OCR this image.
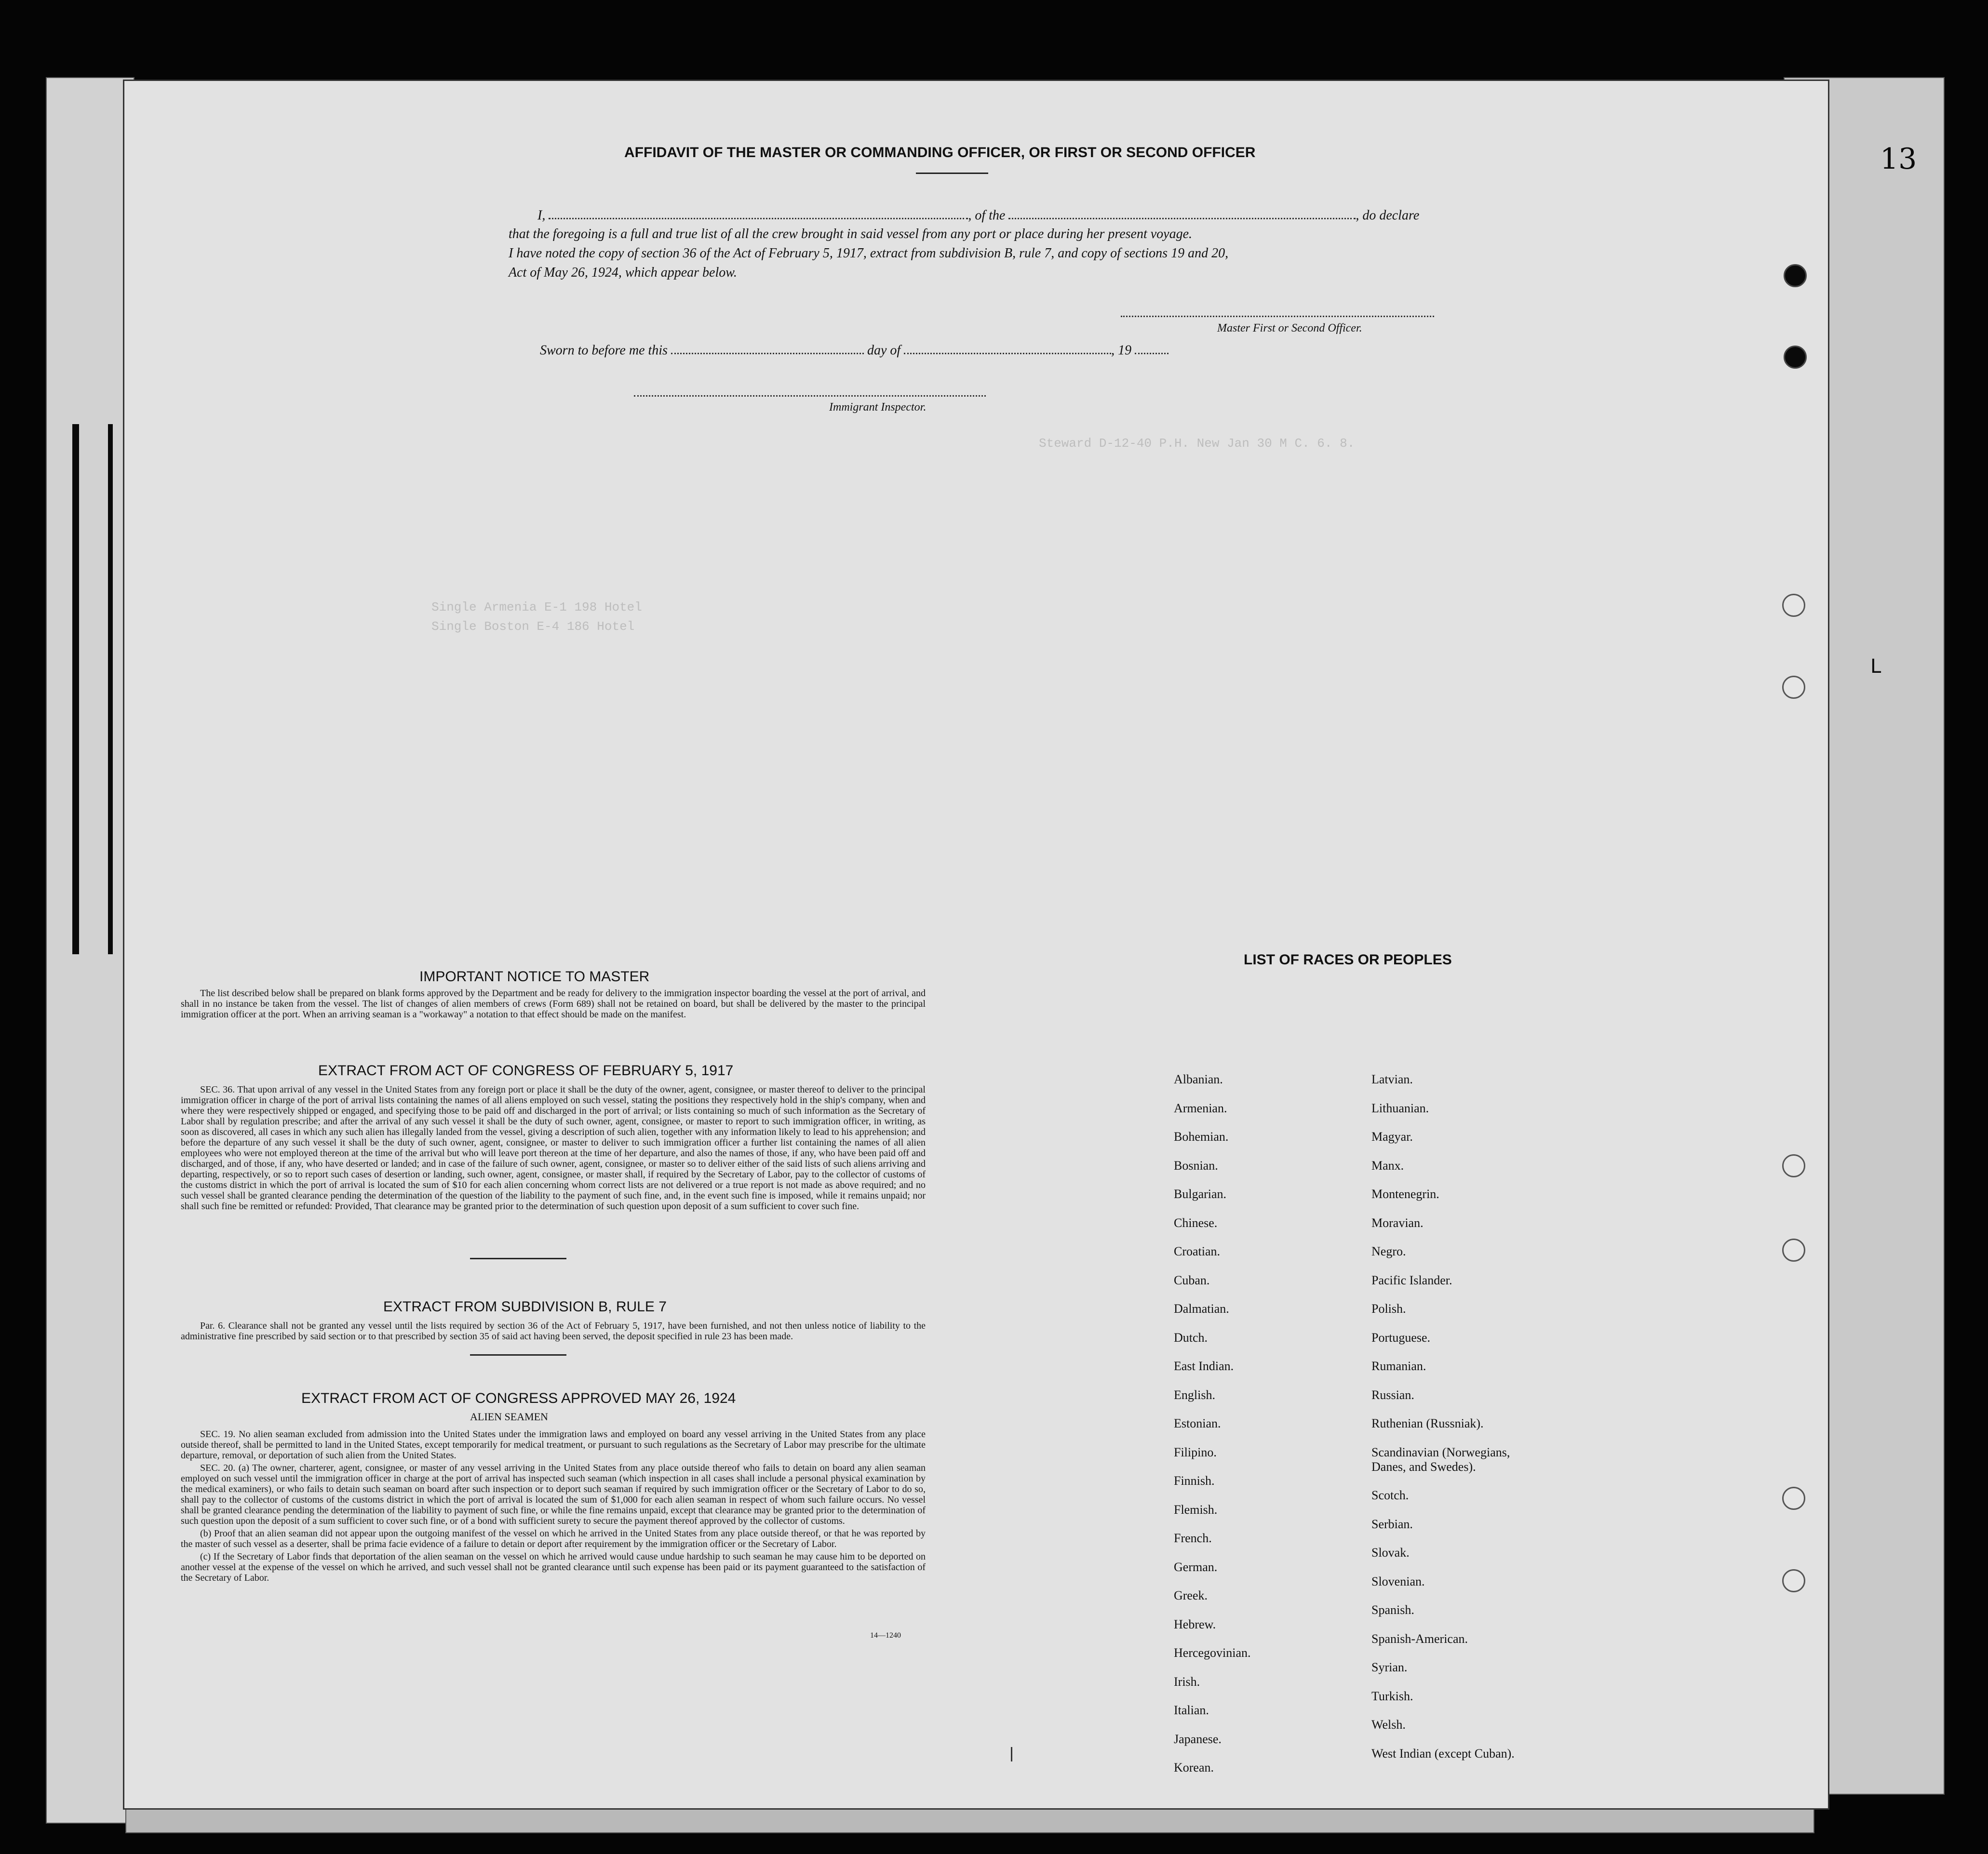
13
Steward D-12-40 P.H. New Jan 30 M C. 6. 8.
Single Armenia E-1 198 Hotel
Single Boston E-4 186 Hotel
AFFIDAVIT OF THE MASTER OR COMMANDING OFFICER, OR FIRST OR SECOND OFFICER
I,	, of the	, do declare
that the foregoing is a full and true list of all the crew brought in said vessel from any port or place during her present voyage.
I have noted the copy of section 36 of the Act of February 5, 1917, extract from subdivision B, rule 7, and copy of sections 19 and 20,
Act of May 26, 1924, which appear below.
Master First or Second Officer.
Sworn to before me this	day of	, 19
Immigrant Inspector.
IMPORTANT NOTICE TO MASTER

The list described below shall be prepared on blank forms approved by the Department and be ready for delivery to the immigration inspector boarding the vessel at the port of arrival, and shall in no instance be taken from the vessel. The list of changes of alien members of crews (Form 689) shall not be retained on board, but shall be delivered by the master to the principal immigration officer at the port. When an arriving seaman is a "workaway" a notation to that effect should be made on the manifest.

EXTRACT FROM ACT OF CONGRESS OF FEBRUARY 5, 1917

SEC. 36. That upon arrival of any vessel in the United States from any foreign port or place it shall be the duty of the owner, agent, consignee, or master thereof to deliver to the principal immigration officer in charge of the port of arrival lists containing the names of all aliens employed on such vessel, stating the positions they respectively hold in the ship's company, when and where they were respectively shipped or engaged, and specifying those to be paid off and discharged in the port of arrival; or lists containing so much of such information as the Secretary of Labor shall by regulation prescribe; and after the arrival of any such vessel it shall be the duty of such owner, agent, consignee, or master to report to such immigration officer, in writing, as soon as discovered, all cases in which any such alien has illegally landed from the vessel, giving a description of such alien, together with any information likely to lead to his apprehension; and before the departure of any such vessel it shall be the duty of such owner, agent, consignee, or master to deliver to such immigration officer a further list containing the names of all alien employees who were not employed thereon at the time of the arrival but who will leave port thereon at the time of her departure, and also the names of those, if any, who have been paid off and discharged, and of those, if any, who have deserted or landed; and in case of the failure of such owner, agent, consignee, or master so to deliver either of the said lists of such aliens arriving and departing, respectively, or so to report such cases of desertion or landing, such owner, agent, consignee, or master shall, if required by the Secretary of Labor, pay to the collector of customs of the customs district in which the port of arrival is located the sum of $10 for each alien concerning whom correct lists are not delivered or a true report is not made as above required; and no such vessel shall be granted clearance pending the determination of the question of the liability to the payment of such fine, and, in the event such fine is imposed, while it remains unpaid; nor shall such fine be remitted or refunded: Provided, That clearance may be granted prior to the determination of such question upon deposit of a sum sufficient to cover such fine.

EXTRACT FROM SUBDIVISION B, RULE 7

Par. 6. Clearance shall not be granted any vessel until the lists required by section 36 of the Act of February 5, 1917, have been furnished, and not then unless notice of liability to the administrative fine prescribed by said section or to that prescribed by section 35 of said act having been served, the deposit specified in rule 23 has been made.

EXTRACT FROM ACT OF CONGRESS APPROVED MAY 26, 1924
ALIEN SEAMEN

SEC. 19. No alien seaman excluded from admission into the United States under the immigration laws and employed on board any vessel arriving in the United States from any place outside thereof, shall be permitted to land in the United States, except temporarily for medical treatment, or pursuant to such regulations as the Secretary of Labor may prescribe for the ultimate departure, removal, or deportation of such alien from the United States.

SEC. 20. (a) The owner, charterer, agent, consignee, or master of any vessel arriving in the United States from any place outside thereof who fails to detain on board any alien seaman employed on such vessel until the immigration officer in charge at the port of arrival has inspected such seaman (which inspection in all cases shall include a personal physical examination by the medical examiners), or who fails to detain such seaman on board after such inspection or to deport such seaman if required by such immigration officer or the Secretary of Labor to do so, shall pay to the collector of customs of the customs district in which the port of arrival is located the sum of $1,000 for each alien seaman in respect of whom such failure occurs. No vessel shall be granted clearance pending the determination of the liability to payment of such fine, or while the fine remains unpaid, except that clearance may be granted prior to the determination of such question upon the deposit of a sum sufficient to cover such fine, or of a bond with sufficient surety to secure the payment thereof approved by the collector of customs.

(b) Proof that an alien seaman did not appear upon the outgoing manifest of the vessel on which he arrived in the United States from any place outside thereof, or that he was reported by the master of such vessel as a deserter, shall be prima facie evidence of a failure to detain or deport after requirement by the immigration officer or the Secretary of Labor.

(c) If the Secretary of Labor finds that deportation of the alien seaman on the vessel on which he arrived would cause undue hardship to such seaman he may cause him to be deported on another vessel at the expense of the vessel on which he arrived, and such vessel shall not be granted clearance until such expense has been paid or its payment guaranteed to the satisfaction of the Secretary of Labor.

14—1240
LIST OF RACES OR PEOPLES
Albanian.
Armenian.
Bohemian.
Bosnian.
Bulgarian.
Chinese.
Croatian.
Cuban.
Dalmatian.
Dutch.
East Indian.
English.
Estonian.
Filipino.
Finnish.
Flemish.
French.
German.
Greek.
Hebrew.
Hercegovinian.
Irish.
Italian.
Japanese.
Korean.
Latvian.
Lithuanian.
Magyar.
Manx.
Montenegrin.
Moravian.
Negro.
Pacific Islander.
Polish.
Portuguese.
Rumanian.
Russian.
Ruthenian (Russniak).
Scandinavian (Norwegians,
Danes, and Swedes).
Scotch.
Serbian.
Slovak.
Slovenian.
Spanish.
Spanish-American.
Syrian.
Turkish.
Welsh.
West Indian (except Cuban).
L
